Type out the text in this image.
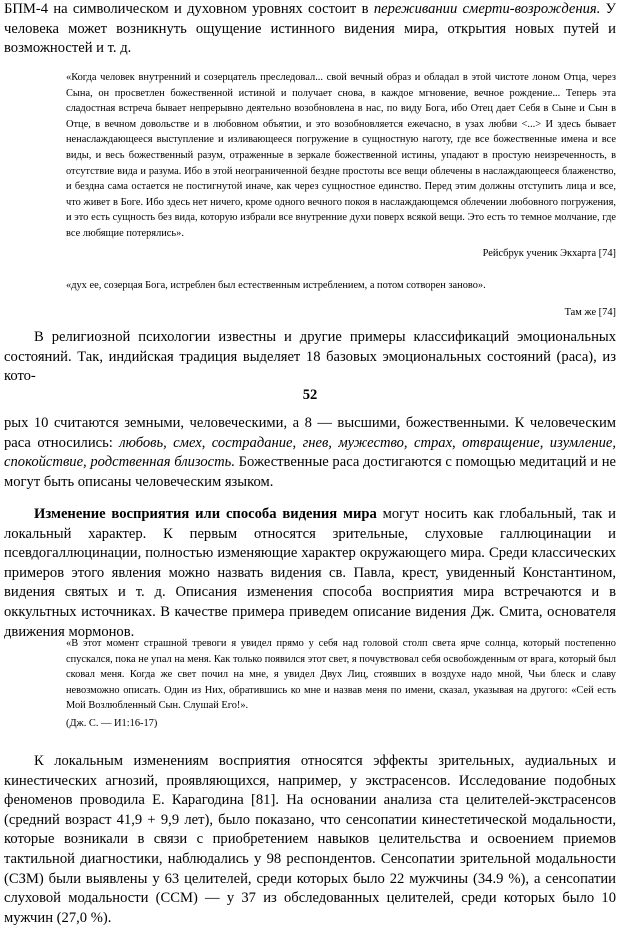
БПМ-4 на символическом и духовном уровнях состоит в переживании смерти-возрождения. У человека может возникнуть ощущение истинного видения мира, открытия новых путей и возможностей и т. д.

«Когда человек внутренний и созерцатель преследовал... свой вечный образ и обладал в этой чистоте лоном Отца, через Сына, он просветлен божественной истиной и получает снова, в каждое мгновение, вечное рождение... Теперь эта сладостная встреча бывает непрерывно деятельно возобновлена в нас, по виду Бога, ибо Отец дает Себя в Сыне и Сын в Отце, в вечном довольстве и в любовном объятии, и это возобновляется ежечасно, в узах любви <...> И здесь бывает ненаслаждающееся выступление и изливающееся погружение в сущностную наготу, где все божественные имена и все виды, и весь божественный разум, отраженные в зеркале божественной истины, упадают в простую неизреченность, в отсутствие вида и разума. Ибо в этой неограниченной бездне простоты все вещи облечены в наслаждающееся блаженство, и бездна сама остается не постигнутой иначе, как через сущностное единство. Перед этим должны отступить лица и все, что живет в Боге. Ибо здесь нет ничего, кроме одного вечного покоя в наслаждающемся облечении любовного погружения, и это есть сущность без вида, которую избрали все внутренние духи поверх всякой вещи. Это есть то темное молчание, где все любящие потерялись».

Рейсбрук ученик Экхарта [74]

«дух ее, созерцая Бога, истреблен был естественным истреблением, а потом сотворен заново».

Там же [74]

В религиозной психологии известны и другие примеры классификаций эмоциональных состояний. Так, индийская традиция выделяет 18 базовых эмоциональных состояний (раса), из кото-

52

рых 10 считаются земными, человеческими, а 8 — высшими, божественными. К человеческим раса относились: любовь, смех, сострадание, гнев, мужество, страх, отвращение, изумление, спокойствие, родственная близость. Божественные раса достигаются с помощью медитаций и не могут быть описаны человеческим языком.

Изменение восприятия или способа видения мира могут носить как глобальный, так и локальный характер. К первым относятся зрительные, слуховые галлюцинации и псевдогаллюцинации, полностью изменяющие характер окружающего мира. Среди классических примеров этого явления можно назвать видения св. Павла, крест, увиденный Константином, видения святых и т. д. Описания изменения способа восприятия мира встречаются и в оккультных источниках. В качестве примера приведем описание видения Дж. Смита, основателя движения мормонов.

«В этот момент страшной тревоги я увидел прямо у себя над головой столп света ярче солнца, который постепенно спускался, пока не упал на меня. Как только появился этот свет, я почувствовал себя освобожденным от врага, который был сковал меня. Когда же свет почил на мне, я увидел Двух Лиц, стоявших в воздухе надо мной, Чьи блеск и славу невозможно описать. Один из Них, обратившись ко мне и назвав меня по имени, сказал, указывая на другого: «Сей есть Мой Возлюбленный Сын. Слушай Его!».

(Дж. С. — И1:16-17)

К локальным изменениям восприятия относятся эффекты зрительных, аудиальных и кинестических агнозий, проявляющихся, например, у экстрасенсов. Исследование подобных феноменов проводила Е. Карагодина [81]. На основании анализа ста целителей-экстрасенсов (средний возраст 41,9 + 9,9 лет), было показано, что сенсопатии кинестетической модальности, которые возникали в связи с приобретением навыков целительства и освоением приемов тактильной диагностики, наблюдались у 98 респондентов. Сенсопатии зрительной модальности (СЗМ) были выявлены у 63 целителей, среди которых было 22 мужчины (34.9 %), а сенсопатии слуховой модальности (ССМ) — у 37 из обследованных целителей, среди которых было 10 мужчин (27,0 %).
